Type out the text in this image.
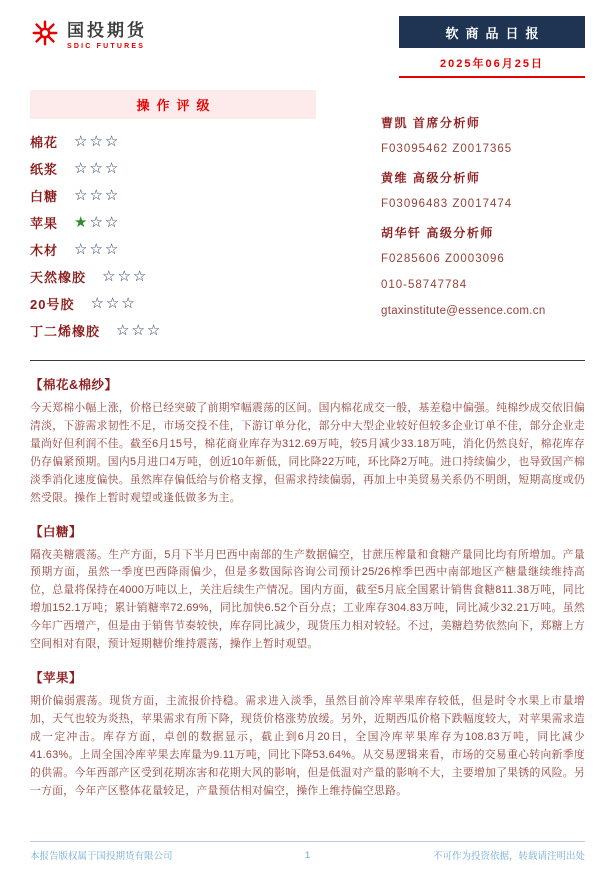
国投期货
SDIC FUTURES
软商品日报
2025年06月25日
操作评级
棉花 ☆☆☆
纸浆 ☆☆☆
白糖 ☆☆☆
苹果 ★☆☆
木材 ☆☆☆
天然橡胶 ☆☆☆
20号胶 ☆☆☆
丁二烯橡胶 ☆☆☆
曹凯 首席分析师
F03095462 Z0017365
黄维 高级分析师
F03096483 Z0017474
胡华钎 高级分析师
F0285606 Z0003096
010-58747784
gtaxinstitute@essence.com.cn
【棉花&棉纱】
今天郑棉小幅上涨，价格已经突破了前期窄幅震荡的区间。国内棉花成交一般，基差稳中偏强。纯棉纱成交依旧偏清淡，下游需求韧性不足，市场交投不佳，下游订单分化，部分中大型企业较好但较多企业订单不佳，部分企业走量尚好但利润不佳。截至6月15号，棉花商业库存为312.69万吨，较5月减少33.18万吨，消化仍然良好，棉花库存仍存偏紧预期。国内5月进口4万吨，创近10年新低，同比降22万吨，环比降2万吨。进口持续偏少，也导致国产棉淡季消化速度偏快。虽然库存偏低给与价格支撑，但需求持续偏弱，再加上中美贸易关系仍不明朗，短期高度或仍然受限。操作上暂时观望或逢低做多为主。
【白糖】
隔夜美糖震荡。生产方面，5月下半月巴西中南部的生产数据偏空，甘蔗压榨量和食糖产量同比均有所增加。产量预期方面，虽然一季度巴西降雨偏少，但是多数国际咨询公司预计25/26榨季巴西中南部地区产糖量继续维持高位，总量将保持在4000万吨以上，关注后续生产情况。国内方面，截至5月底全国累计销售食糖811.38万吨，同比增加152.1万吨；累计销糖率72.69%，同比加快6.52个百分点；工业库存304.83万吨，同比减少32.21万吨。虽然今年广西增产，但是由于销售节奏较快，库存同比减少，现货压力相对较轻。不过，美糖趋势依然向下，郑糖上方空间相对有限，预计短期糖价维持震荡，操作上暂时观望。
【苹果】
期价偏弱震荡。现货方面，主流报价持稳。需求进入淡季，虽然目前冷库苹果库存较低，但是时令水果上市量增加，天气也较为炎热，苹果需求有所下降，现货价格涨势放缓。另外，近期西瓜价格下跌幅度较大，对苹果需求造成一定冲击。库存方面，卓创的数据显示，截止到6月20日，全国冷库苹果库存为108.83万吨，同比减少41.63%。上周全国冷库苹果去库量为9.11万吨，同比下降53.64%。从交易逻辑来看，市场的交易重心转向新季度的供需。今年西部产区受到花期冻害和花期大风的影响，但是低温对产量的影响不大，主要增加了果锈的风险。另一方面，今年产区整体花量较足，产量预估相对偏空，操作上维持偏空思路。
本报告版权属于国投期货有限公司	1	不可作为投资依据，转载请注明出处
